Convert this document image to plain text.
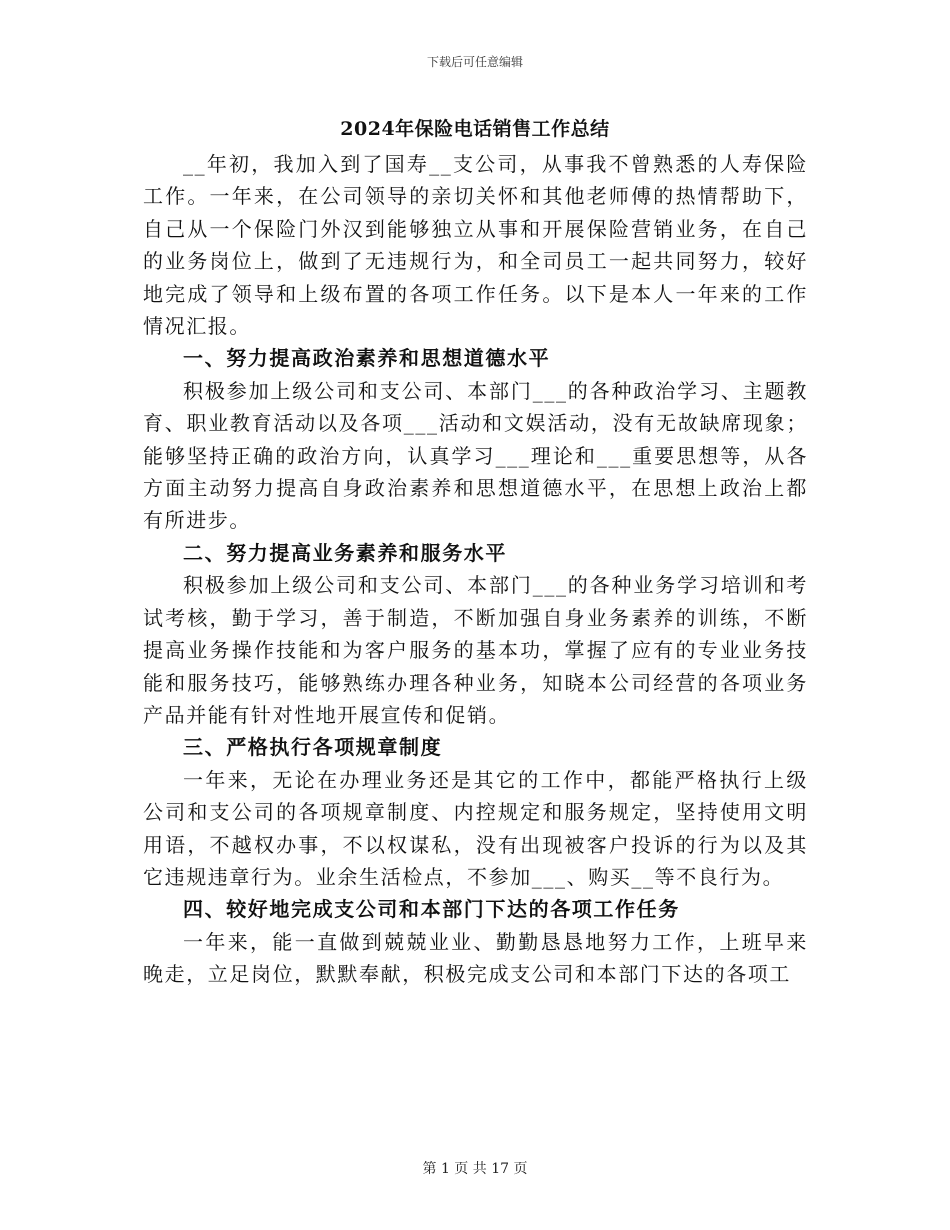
下载后可任意编辑
2024年保险电话销售工作总结

__年初，我加入到了国寿__支公司，从事我不曾熟悉的人寿保险工作。一年来，在公司领导的亲切关怀和其他老师傅的热情帮助下，自己从一个保险门外汉到能够独立从事和开展保险营销业务，在自己的业务岗位上，做到了无违规行为，和全司员工一起共同努力，较好地完成了领导和上级布置的各项工作任务。以下是本人一年来的工作情况汇报。

一、努力提高政治素养和思想道德水平

积极参加上级公司和支公司、本部门___的各种政治学习、主题教育、职业教育活动以及各项___活动和文娱活动，没有无故缺席现象；能够坚持正确的政治方向，认真学习___理论和___重要思想等，从各方面主动努力提高自身政治素养和思想道德水平，在思想上政治上都有所进步。

二、努力提高业务素养和服务水平

积极参加上级公司和支公司、本部门___的各种业务学习培训和考试考核，勤于学习，善于制造，不断加强自身业务素养的训练，不断提高业务操作技能和为客户服务的基本功，掌握了应有的专业业务技能和服务技巧，能够熟练办理各种业务，知晓本公司经营的各项业务产品并能有针对性地开展宣传和促销。

三、严格执行各项规章制度

一年来，无论在办理业务还是其它的工作中，都能严格执行上级公司和支公司的各项规章制度、内控规定和服务规定，坚持使用文明用语，不越权办事，不以权谋私，没有出现被客户投诉的行为以及其它违规违章行为。业余生活检点，不参加___、购买__等不良行为。

四、较好地完成支公司和本部门下达的各项工作任务

一年来，能一直做到兢兢业业、勤勤恳恳地努力工作，上班早来晚走，立足岗位，默默奉献，积极完成支公司和本部门下达的各项工

第 1 页 共 17 页
